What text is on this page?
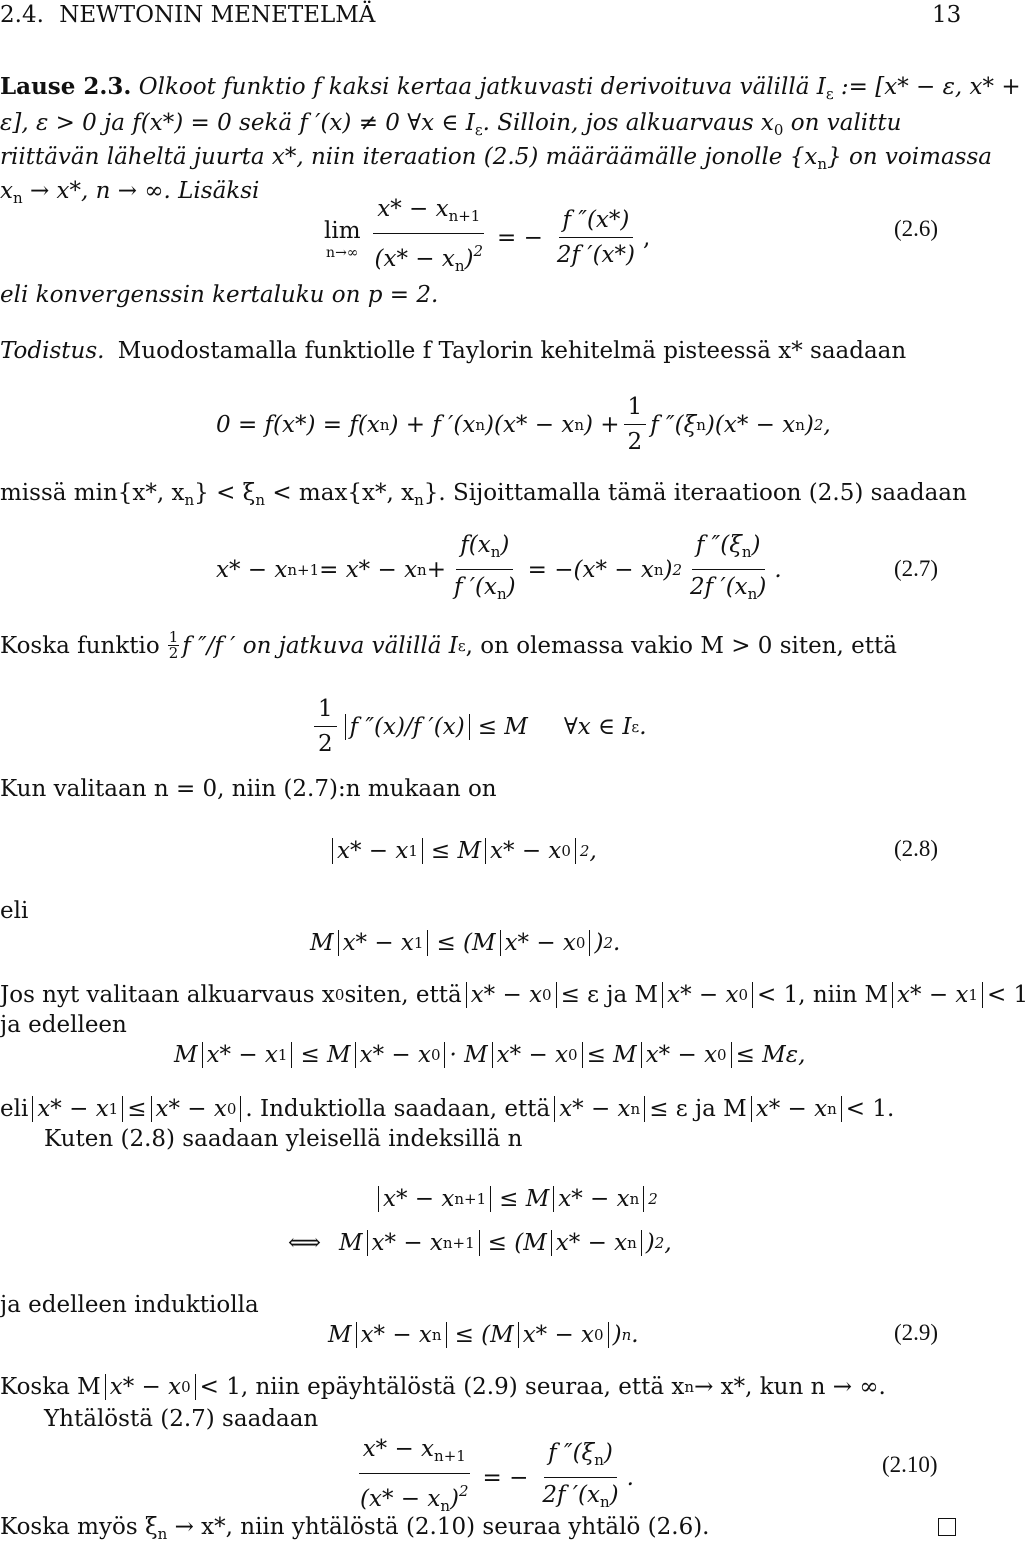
2.4. NEWTONIN MENETELMÄ	13
Lause 2.3. Olkoot funktio f kaksi kertaa jatkuvasti derivoituva välillä $I_\varepsilon$ := [x* − ε, x* +
ε], ε > 0 ja f(x*) = 0 sekä f ′(x) ≠ 0 ∀x ∈ $I_\varepsilon$. Silloin, jos alkuarvaus $x_0$ on valittu
riittävän läheltä juurta x*, niin iteraation (2.5) määräämälle jonolle $\{x_n\}$ on voimassa
$x_n \to x*$, n → ∞. Lisäksi
lim
$n\to\infty \frac{x* - x_{n+1}}{(x* - x_n)^2}$ = − $\frac{f ''(x*)}{2f '(x*)}$ ,	(2.6)
eli konvergenssin kertaluku on p = 2.
Todistus. Muodostamalla funktiolle f Taylorin kehitelmä pisteessä x* saadaan
0 = f(x*) = f(x n ) + f ′(x n )(x* − x n ) + $\frac{1}{2}$ f ″(ξ n )(x* − x n ) 2 ,
missä min{x*, $x_n\} < \xi_n < \max\{x*$, $x_n$}. Sijoittamalla tämä iteraatioon (2.5) saadaan
x* − x n+1 = x* − x $n + \frac{f(x_n)}{f '(x_n)} = -(x* - x$ n ) $2 \frac{f ''(\xi_n)}{2f '(x_n)}$ .	(2.7)
Koska funktio $\frac{1}{2}$ f ″/f ′ on jatkuva välillä I ε , on olemassa vakio M > 0 siten, että
$\frac{1}{2}$ f ″(x)/f ′(x) ≤ M ∀x ∈ I ε .
Kun valitaan n = 0, niin (2.7):n mukaan on
x* − x 1 ≤ M x* − x 0 2 ,	(2.8)
eli
M x* − x 1 ≤ (M x* − x 0 ) 2 .
Jos nyt valitaan alkuarvaus x 0 siten, että x* − x 0 ≤ ε ja M x* − x 0 < 1, niin M x* − x 1 < 1
ja edelleen
M x* − x 1 ≤ M x* − x 0 · M x* − x 0 ≤ M x* − x 0 ≤ Mε,
eli x* − x 1 ≤ x* − x 0 . Induktiolla saadaan, että x* − x n ≤ ε ja M x* − x n < 1.
Kuten (2.8) saadaan yleisellä indeksillä n
x* − x n+1 ≤ M x* − x n 2
⟺ M x* − x n+1 ≤ (M x* − x n ) 2 ,
ja edelleen induktiolla
M x* − x n ≤ (M x* − x 0 ) n .	(2.9)
Koska M x* − x 0 < 1, niin epäyhtälöstä (2.9) seuraa, että x n → x*, kun n → ∞.
Yhtälöstä (2.7) saadaan
$\frac{x* - x_{n+1}}{(x* - x_n)^2}$ = − $\frac{f ''(\xi_n)}{2f '(x_n)}$ .	(2.10)
Koska myös $\xi_n \to x*$, niin yhtälöstä (2.10) seuraa yhtälö (2.6).
